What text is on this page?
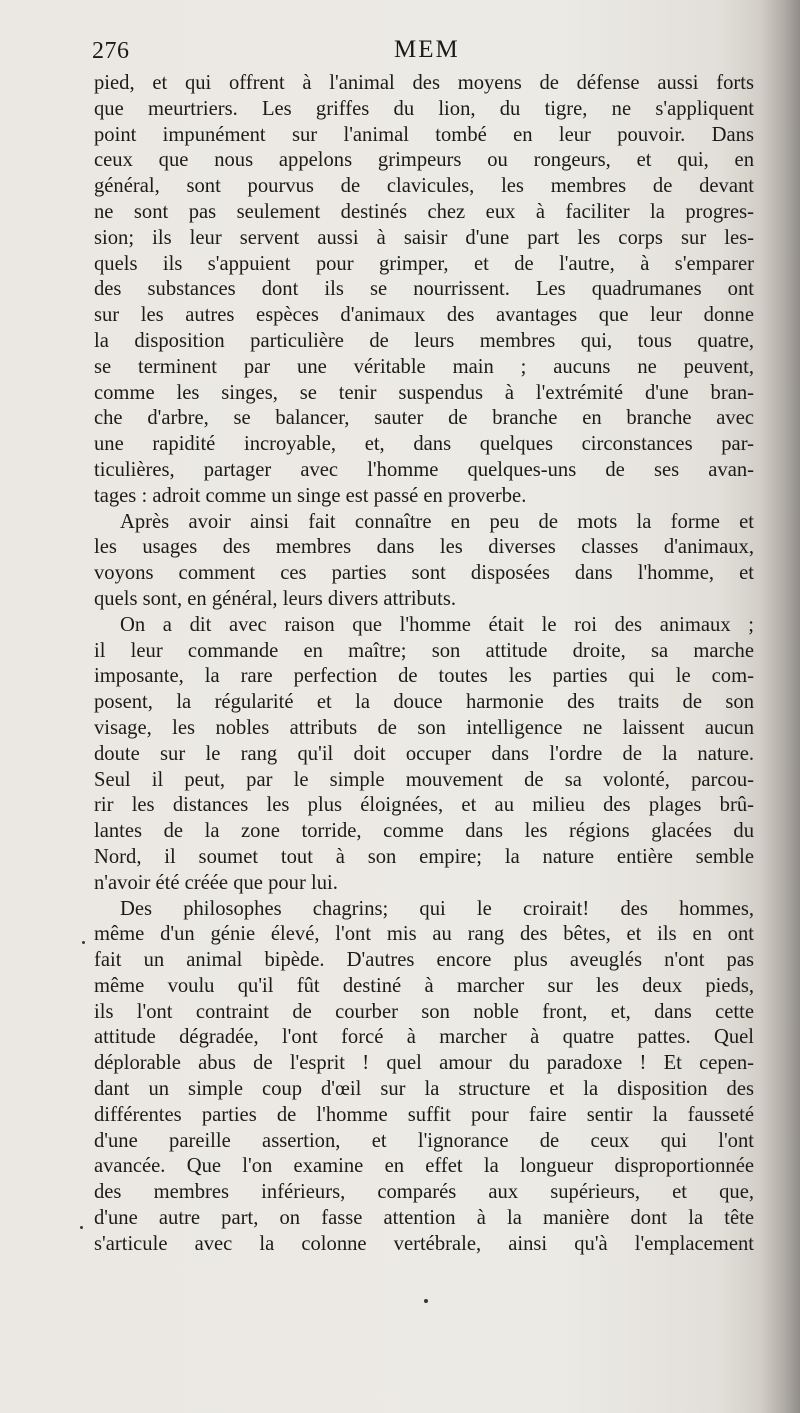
276	MEM
pied, et qui offrent à l'animal des moyens de défense aussi forts
que meurtriers. Les griffes du lion, du tigre, ne s'appliquent
point impunément sur l'animal tombé en leur pouvoir. Dans
ceux que nous appelons grimpeurs ou rongeurs, et qui, en
général, sont pourvus de clavicules, les membres de devant
ne sont pas seulement destinés chez eux à faciliter la progres-
sion; ils leur servent aussi à saisir d'une part les corps sur les-
quels ils s'appuient pour grimper, et de l'autre, à s'emparer
des substances dont ils se nourrissent. Les quadrumanes ont
sur les autres espèces d'animaux des avantages que leur donne
la disposition particulière de leurs membres qui, tous quatre,
se terminent par une véritable main ; aucuns ne peuvent,
comme les singes, se tenir suspendus à l'extrémité d'une bran-
che d'arbre, se balancer, sauter de branche en branche avec
une rapidité incroyable, et, dans quelques circonstances par-
ticulières, partager avec l'homme quelques-uns de ses avan-
tages : adroit comme un singe est passé en proverbe.
Après avoir ainsi fait connaître en peu de mots la forme et
les usages des membres dans les diverses classes d'animaux,
voyons comment ces parties sont disposées dans l'homme, et
quels sont, en général, leurs divers attributs.
On a dit avec raison que l'homme était le roi des animaux ;
il leur commande en maître; son attitude droite, sa marche
imposante, la rare perfection de toutes les parties qui le com-
posent, la régularité et la douce harmonie des traits de son
visage, les nobles attributs de son intelligence ne laissent aucun
doute sur le rang qu'il doit occuper dans l'ordre de la nature.
Seul il peut, par le simple mouvement de sa volonté, parcou-
rir les distances les plus éloignées, et au milieu des plages brû-
lantes de la zone torride, comme dans les régions glacées du
Nord, il soumet tout à son empire; la nature entière semble
n'avoir été créée que pour lui.
Des philosophes chagrins; qui le croirait! des hommes,
même d'un génie élevé, l'ont mis au rang des bêtes, et ils en ont
fait un animal bipède. D'autres encore plus aveuglés n'ont pas
même voulu qu'il fût destiné à marcher sur les deux pieds,
ils l'ont contraint de courber son noble front, et, dans cette
attitude dégradée, l'ont forcé à marcher à quatre pattes. Quel
déplorable abus de l'esprit ! quel amour du paradoxe ! Et cepen-
dant un simple coup d'œil sur la structure et la disposition des
différentes parties de l'homme suffit pour faire sentir la fausseté
d'une pareille assertion, et l'ignorance de ceux qui l'ont
avancée. Que l'on examine en effet la longueur disproportionnée
des membres inférieurs, comparés aux supérieurs, et que,
d'une autre part, on fasse attention à la manière dont la tête
s'articule avec la colonne vertébrale, ainsi qu'à l'emplacement
